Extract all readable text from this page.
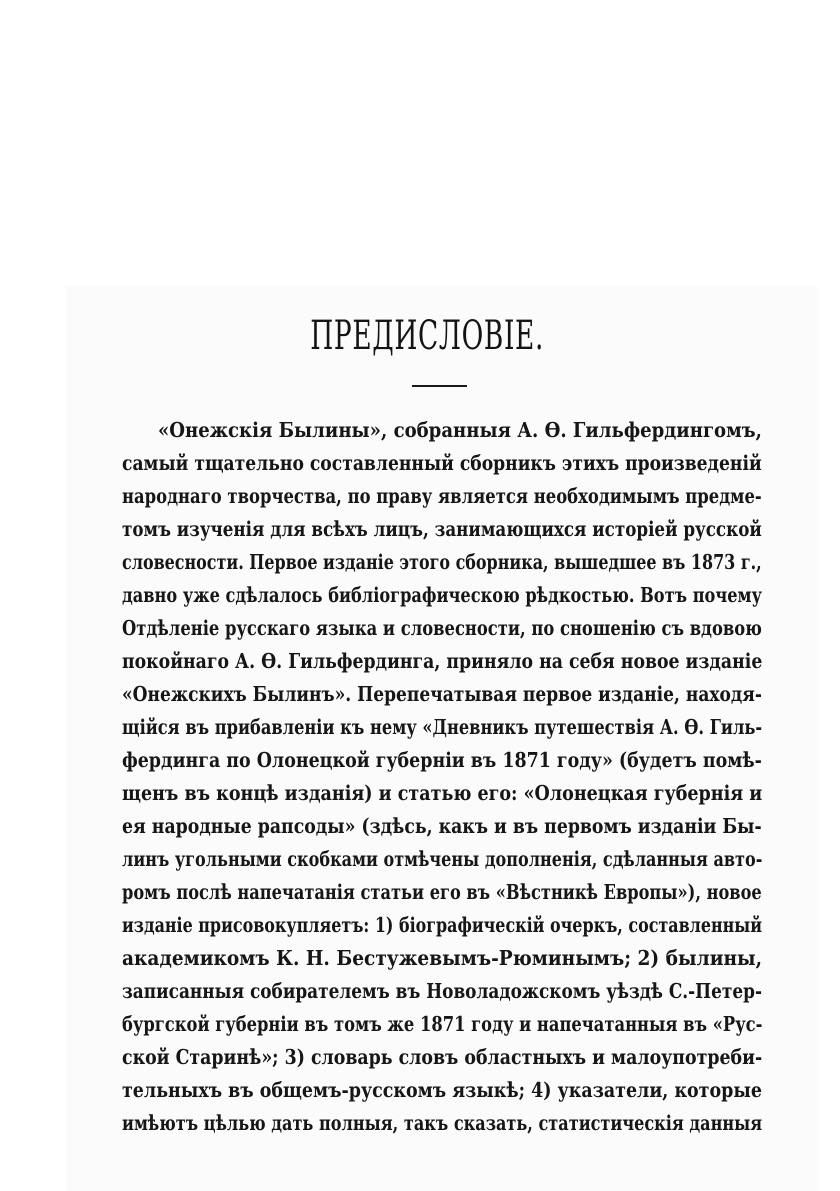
ПРЕДИСЛОВІЕ.
«Онежскія Былины», собранныя А. Ѳ. Гильфердингомъ,
самый тщательно составленный сборникъ этихъ произведеній
народнаго творчества, по праву является необходимымъ предме-
томъ изученія для всѣхъ лицъ, занимающихся исторіей русской
словесности. Первое изданіе этого сборника, вышедшее въ 1873 г.,
давно уже сдѣлалось библіографическою рѣдкостью. Вотъ почему
Отдѣленіе русскаго языка и словесности, по сношенію съ вдовою
покойнаго А. Ѳ. Гильфердинга, приняло на себя новое изданіе
«Онежскихъ Былинъ». Перепечатывая первое изданіе, находя-
щійся въ прибавленіи къ нему «Дневникъ путешествія А. Ѳ. Гиль-
фердинга по Олонецкой губерніи въ 1871 году» (будетъ помѣ-
щенъ въ концѣ изданія) и статью его: «Олонецкая губернія и
ея народные рапсоды» (здѣсь, какъ и въ первомъ изданіи Бы-
линъ угольными скобками отмѣчены дополненія, сдѣланныя авто-
ромъ послѣ напечатанія статьи его въ «Вѣстникѣ Европы»), новое
изданіе присовокупляетъ: 1) біографическій очеркъ, составленный
академикомъ К. Н. Бестужевымъ-Рюминымъ; 2) былины,
записанныя собирателемъ въ Новоладожскомъ уѣздѣ С.-Петер-
бургской губерніи въ томъ же 1871 году и напечатанныя въ «Рус-
ской Старинѣ»; 3) словарь словъ областныхъ и малоупотреби-
тельныхъ въ общемъ-русскомъ языкѣ; 4) указатели, которые
имѣютъ цѣлью дать полныя, такъ сказать, статистическія данныя
